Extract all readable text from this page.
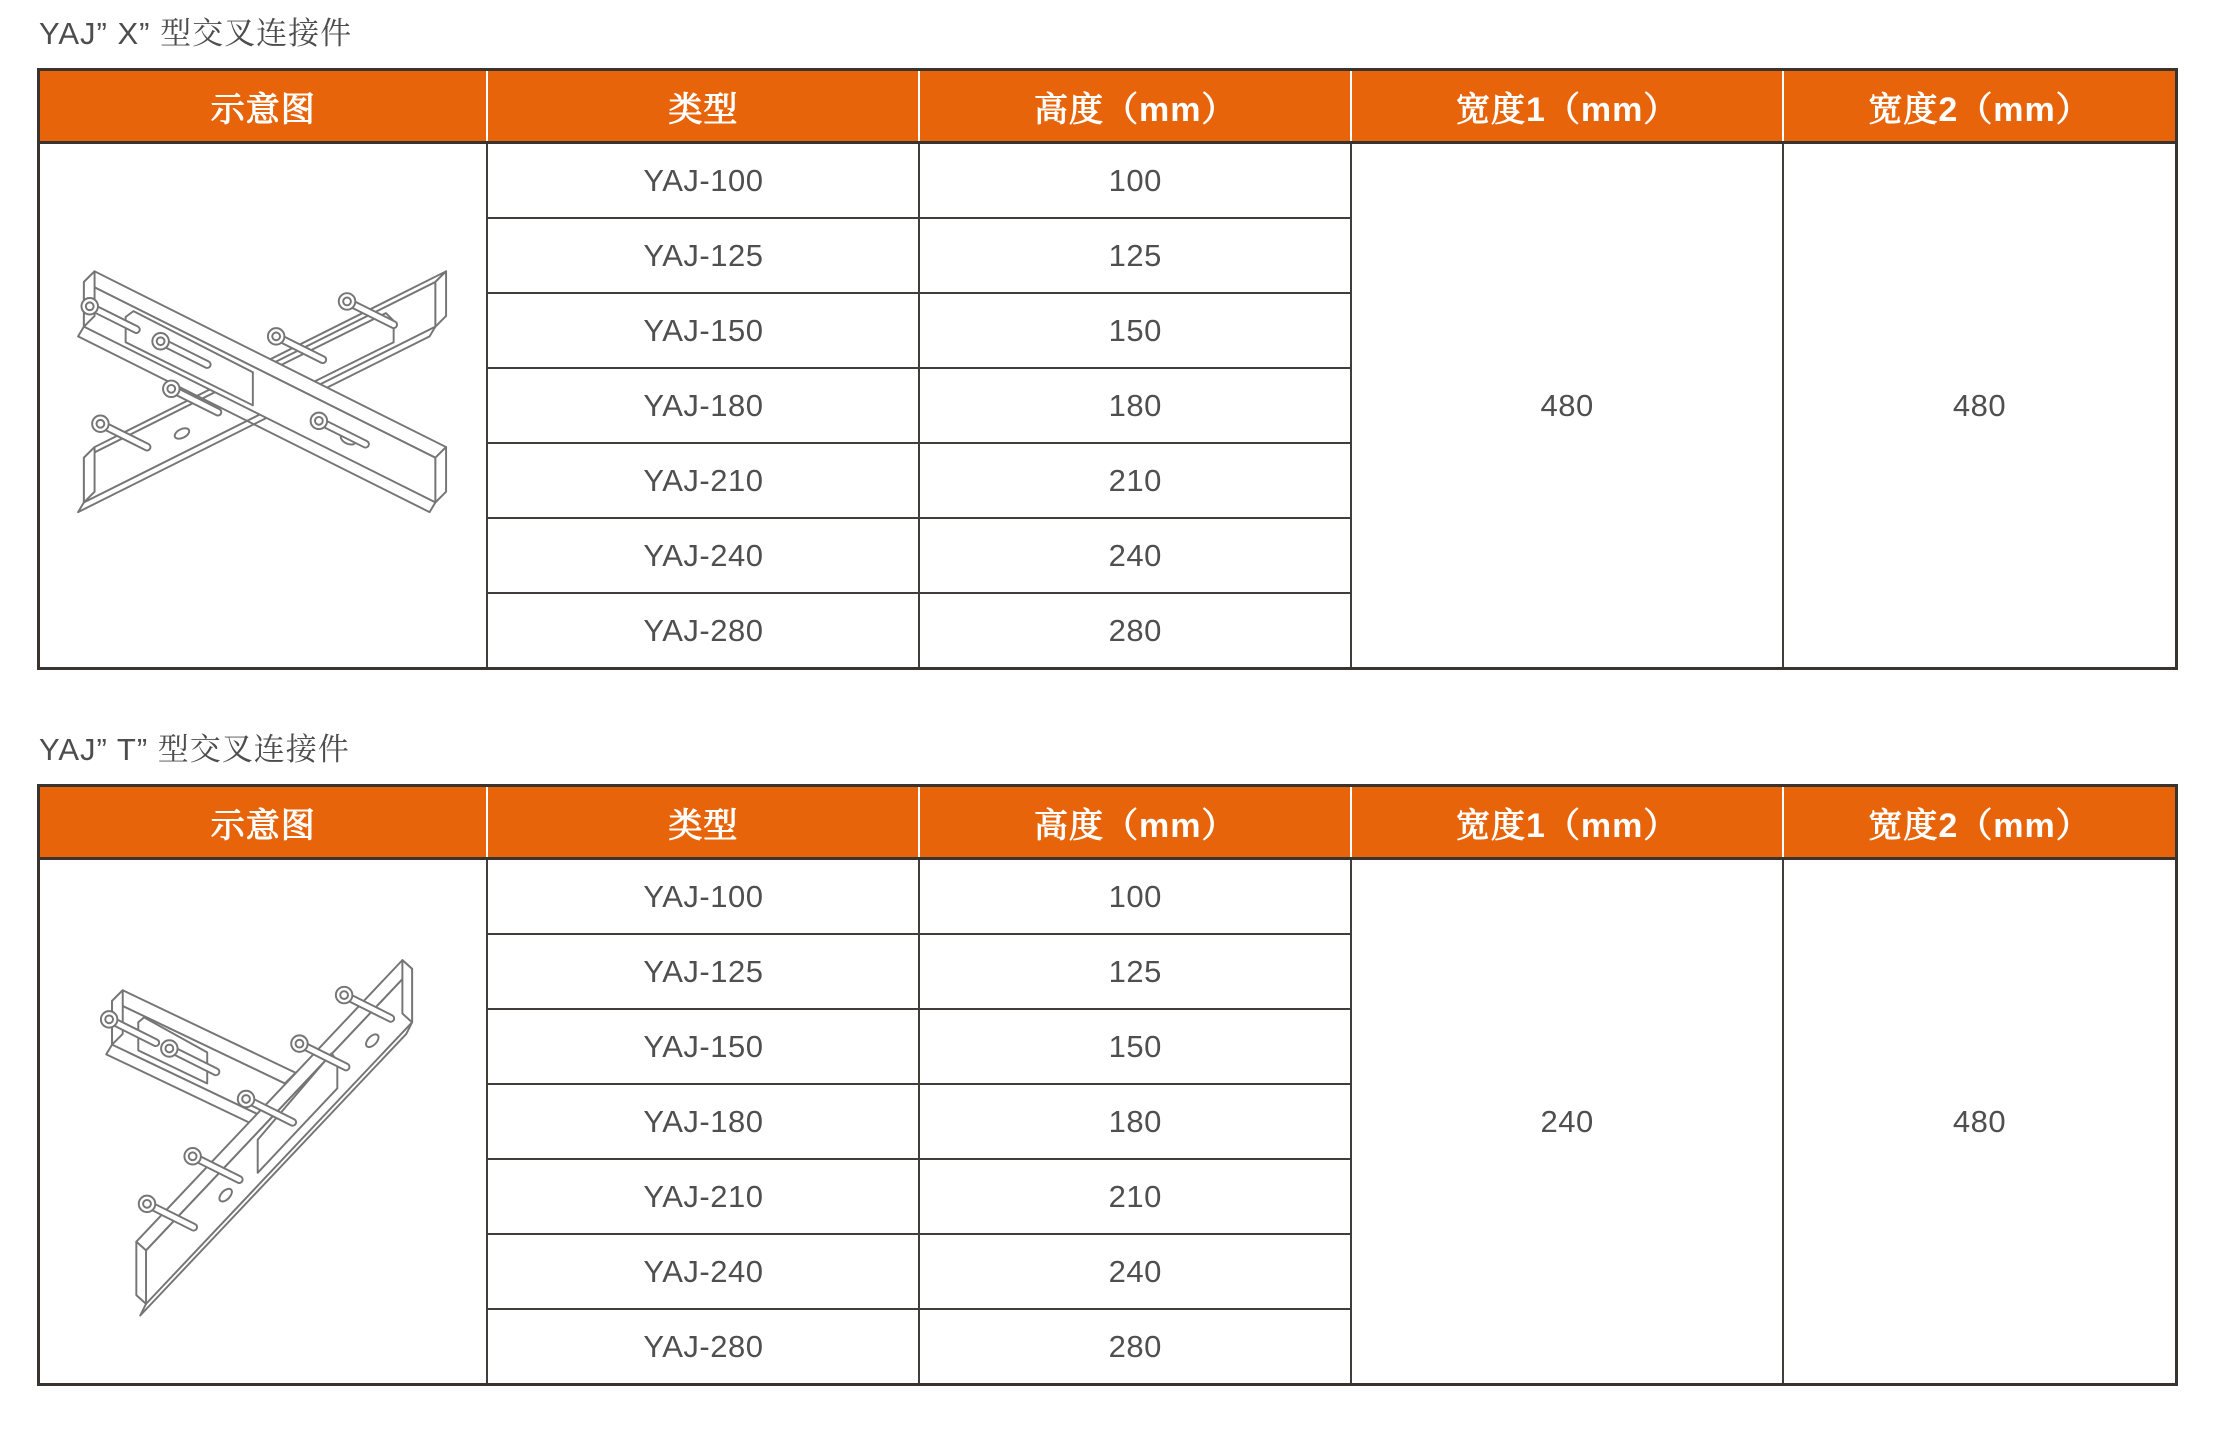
YAJ” X” 型交叉连接件
示意图	类型	高度（mm）	宽度1（mm）	宽度2（mm）

	YAJ-100	100	480	480
	YAJ-125	125		
	YAJ-150	150		
	YAJ-180	180		
	YAJ-210	210		
	YAJ-240	240		
	YAJ-280	280		
YAJ” T” 型交叉连接件
示意图	类型	高度（mm）	宽度1（mm）	宽度2（mm）

	YAJ-100	100	240	480
	YAJ-125	125		
	YAJ-150	150		
	YAJ-180	180		
	YAJ-210	210		
	YAJ-240	240		
	YAJ-280	280		
